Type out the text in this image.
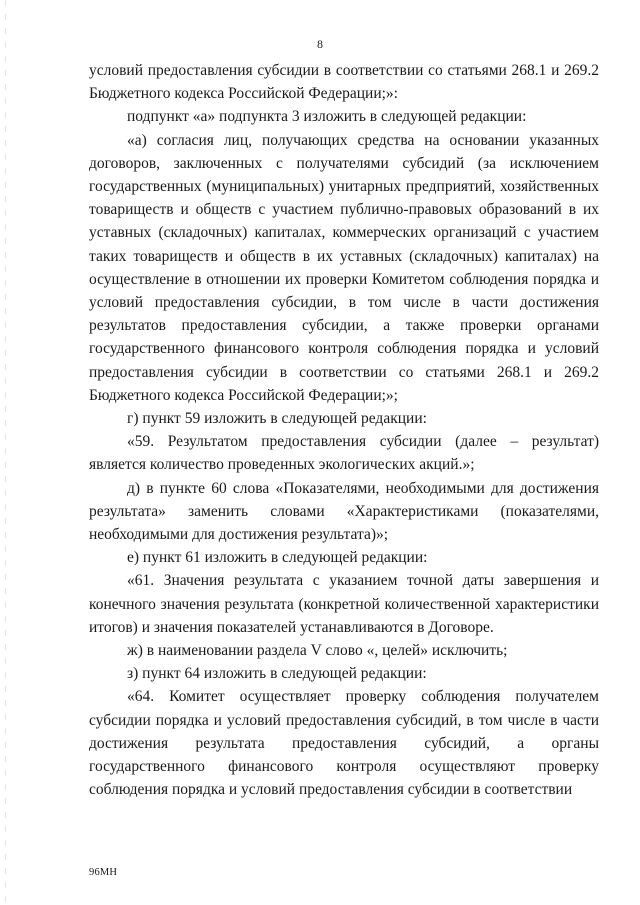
8

условий предоставления субсидии в соответствии со статьями 268.1 и 269.2 Бюджетного кодекса Российской Федерации;»:

подпункт «а» подпункта 3 изложить в следующей редакции:

«а) согласия лиц, получающих средства на основании указанных договоров, заключенных с получателями субсидий (за исключением государственных (муниципальных) унитарных предприятий, хозяйственных товариществ и обществ с участием публично-правовых образований в их уставных (складочных) капиталах, коммерческих организаций с участием таких товариществ и обществ в их уставных (складочных) капиталах) на осуществление в отношении их проверки Комитетом соблюдения порядка и условий предоставления субсидии, в том числе в части достижения результатов предоставления субсидии, а также проверки органами государственного финансового контроля соблюдения порядка и условий предоставления субсидии в соответствии со статьями 268.1 и 269.2 Бюджетного кодекса Российской Федерации;»;

г) пункт 59 изложить в следующей редакции:

«59. Результатом предоставления субсидии (далее – результат) является количество проведенных экологических акций.»;

д) в пункте 60 слова «Показателями, необходимыми для достижения результата» заменить словами «Характеристиками (показателями, необходимыми для достижения результата)»;

е) пункт 61 изложить в следующей редакции:

«61. Значения результата с указанием точной даты завершения и конечного значения результата (конкретной количественной характеристики итогов) и значения показателей устанавливаются в Договоре.

ж) в наименовании раздела V слово «, целей» исключить;

з) пункт 64 изложить в следующей редакции:

«64. Комитет осуществляет проверку соблюдения получателем субсидии порядка и условий предоставления субсидий, в том числе в части достижения результата предоставления субсидий, а органы государственного финансового контроля осуществляют проверку соблюдения порядка и условий предоставления субсидии в соответствии

96МН
